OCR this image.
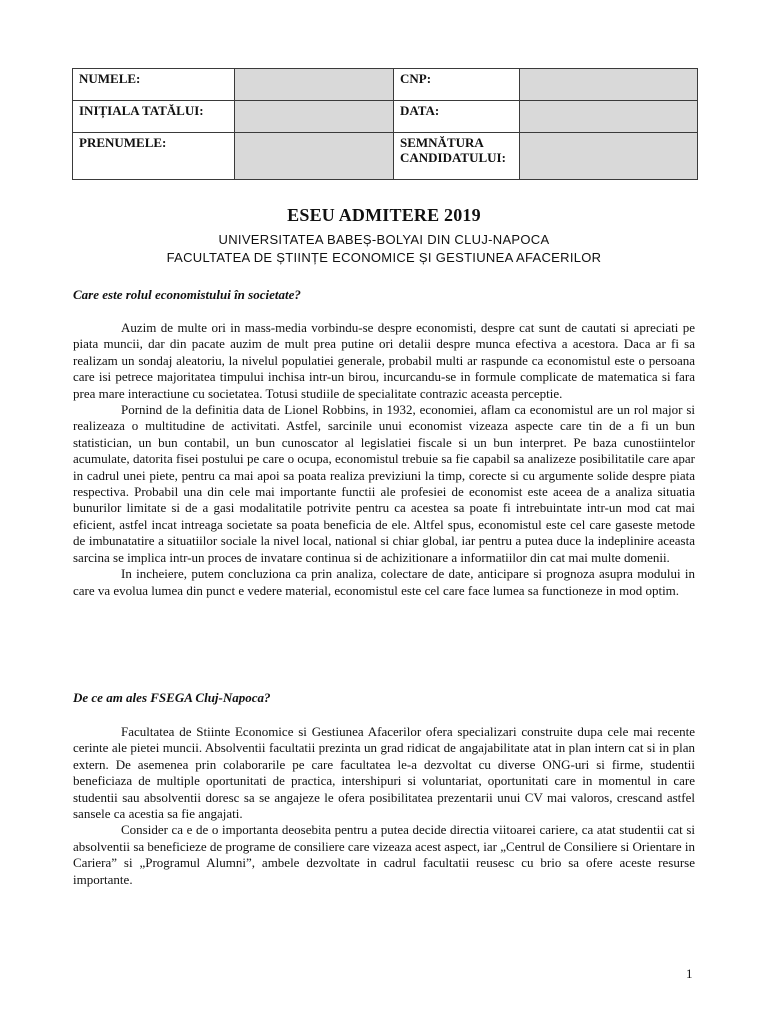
NUMELE:		CNP:	
INIȚIALA TATĂLUI:		DATA:	
PRENUMELE:		SEMNĂTURA
CANDIDATULUI:	

ESEU ADMITERE 2019
UNIVERSITATEA BABEȘ-BOLYAI DIN CLUJ-NAPOCA
FACULTATEA DE ȘTIINȚE ECONOMICE ȘI GESTIUNEA AFACERILOR
Care este rolul economistului în societate?

Auzim de multe ori in mass-media vorbindu-se despre economisti, despre cat sunt de cautati si apreciati pe piata muncii, dar din pacate auzim de mult prea putine ori detalii despre munca efectiva a acestora. Daca ar fi sa realizam un sondaj aleatoriu, la nivelul populatiei generale, probabil multi ar raspunde ca economistul este o persoana care isi petrece majoritatea timpului inchisa intr-un birou, incurcandu-se in formule complicate de matematica si fara prea mare interactiune cu societatea. Totusi studiile de specialitate contrazic aceasta perceptie.

Pornind de la definitia data de Lionel Robbins, in 1932, economiei, aflam ca economistul are un rol major si realizeaza o multitudine de activitati. Astfel, sarcinile unui economist vizeaza aspecte care tin de a fi un bun statistician, un bun contabil, un bun cunoscator al legislatiei fiscale si un bun interpret. Pe baza cunostiintelor acumulate, datorita fisei postului pe care o ocupa, economistul trebuie sa fie capabil sa analizeze posibilitatile care apar in cadrul unei piete, pentru ca mai apoi sa poata realiza previziuni la timp, corecte si cu argumente solide despre piata respectiva. Probabil una din cele mai importante functii ale profesiei de economist este aceea de a analiza situatia bunurilor limitate si de a gasi modalitatile potrivite pentru ca acestea sa poate fi intrebuintate intr-un mod cat mai eficient, astfel incat intreaga societate sa poata beneficia de ele. Altfel spus, economistul este cel care gaseste metode de imbunatatire a situatiilor sociale la nivel local, national si chiar global, iar pentru a putea duce la indeplinire aceasta sarcina se implica intr-un proces de invatare continua si de achizitionare a informatiilor din cat mai multe domenii.

In incheiere, putem concluziona ca prin analiza, colectare de date, anticipare si prognoza asupra modului in care va evolua lumea din punct e vedere material, economistul este cel care face lumea sa functioneze in mod optim.

De ce am ales FSEGA Cluj-Napoca?

Facultatea de Stiinte Economice si Gestiunea Afacerilor ofera specializari construite dupa cele mai recente cerinte ale pietei muncii. Absolventii facultatii prezinta un grad ridicat de angajabilitate atat in plan intern cat si in plan extern. De asemenea prin colaborarile pe care facultatea le-a dezvoltat cu diverse ONG-uri si firme, studentii beneficiaza de multiple oportunitati de practica, intershipuri si voluntariat, oportunitati care in momentul in care studentii sau absolventii doresc sa se angajeze le ofera posibilitatea prezentarii unui CV mai valoros, crescand astfel sansele ca acestia sa fie angajati.

Consider ca e de o importanta deosebita pentru a putea decide directia viitoarei cariere, ca atat studentii cat si absolventii sa beneficieze de programe de consiliere care vizeaza acest aspect, iar „Centrul de Consiliere si Orientare in Cariera” si „Programul Alumni”, ambele dezvoltate in cadrul facultatii reusesc cu brio sa ofere aceste resurse importante.

1
